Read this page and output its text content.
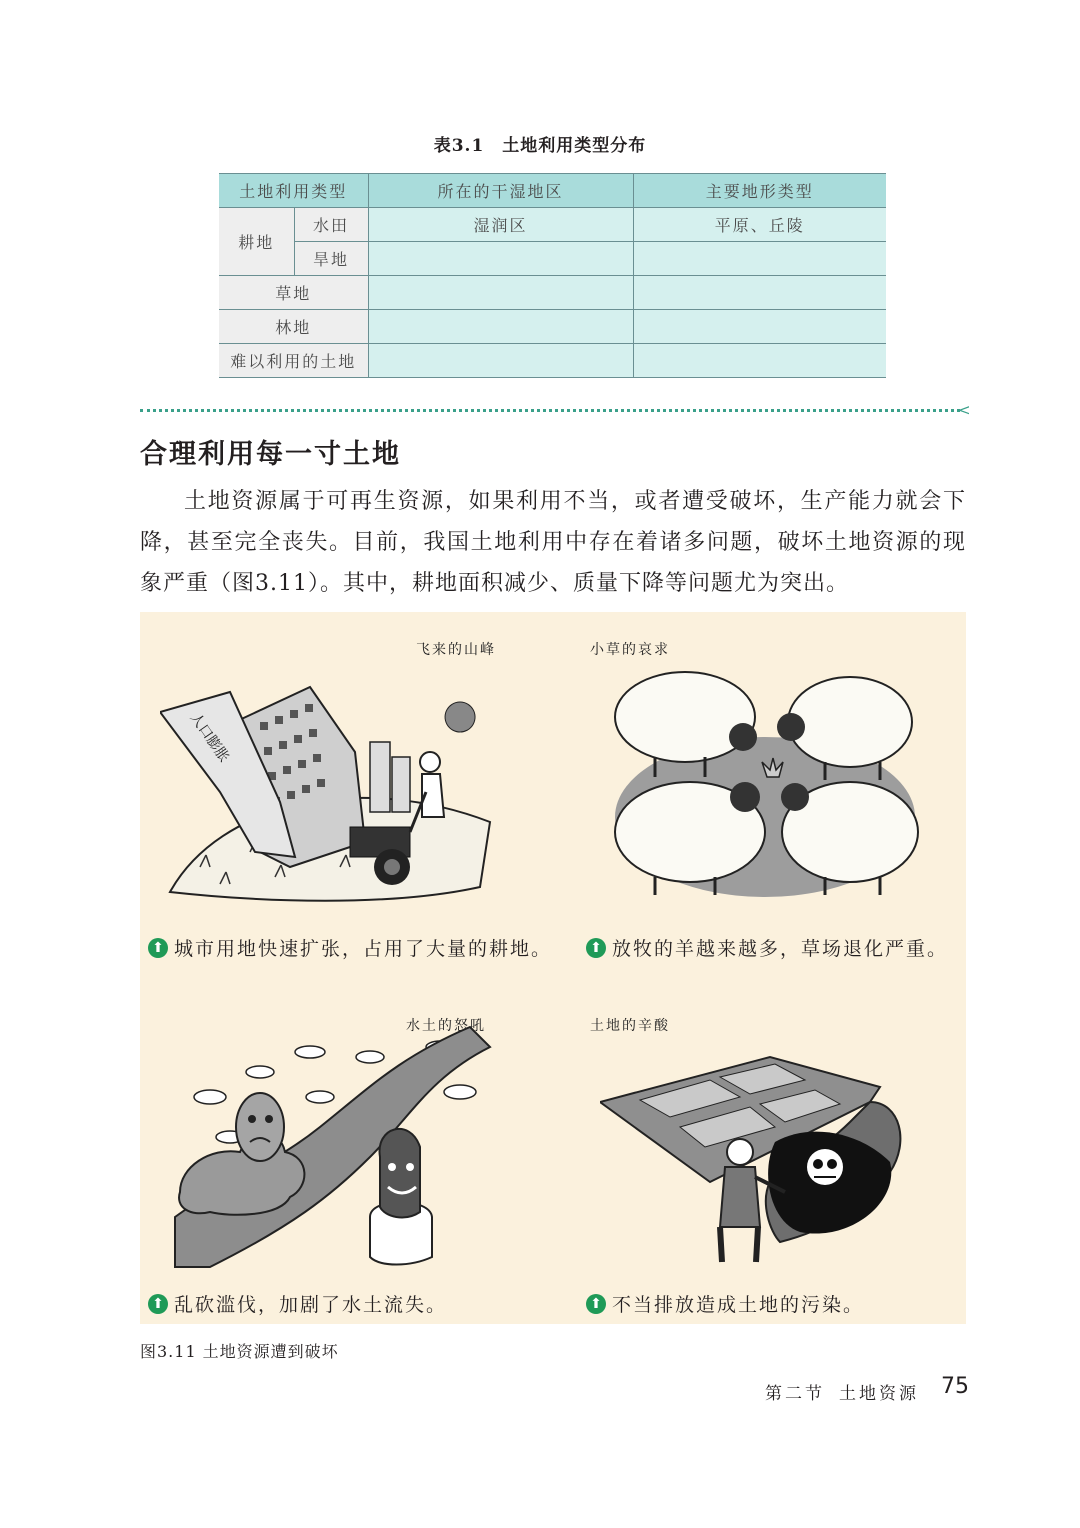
表3.1 土地利用类型分布
土地利用类型		所在的干湿地区	主要地形类型
耕地	水田	湿润区	平原、丘陵
	旱地		
草地			
林地			
难以利用的土地			
<
合理利用每一寸土地

土地资源属于可再生资源，如果利用不当，或者遭受破坏，生产能力就会下降，甚至完全丧失。目前，我国土地利用中存在着诸多问题，破坏土地资源的现象严重（图3.11）。其中，耕地面积减少、质量下降等问题尤为突出。

飞来的山峰
人口膨胀
⬆ 城市用地快速扩张，占用了大量的耕地。
小草的哀求
⬆ 放牧的羊越来越多，草场退化严重。
水土的怒吼
⬆ 乱砍滥伐，加剧了水土流失。
土地的辛酸
⬆ 不当排放造成土地的污染。
图3.11 土地资源遭到破坏
第二节 土地资源 75
